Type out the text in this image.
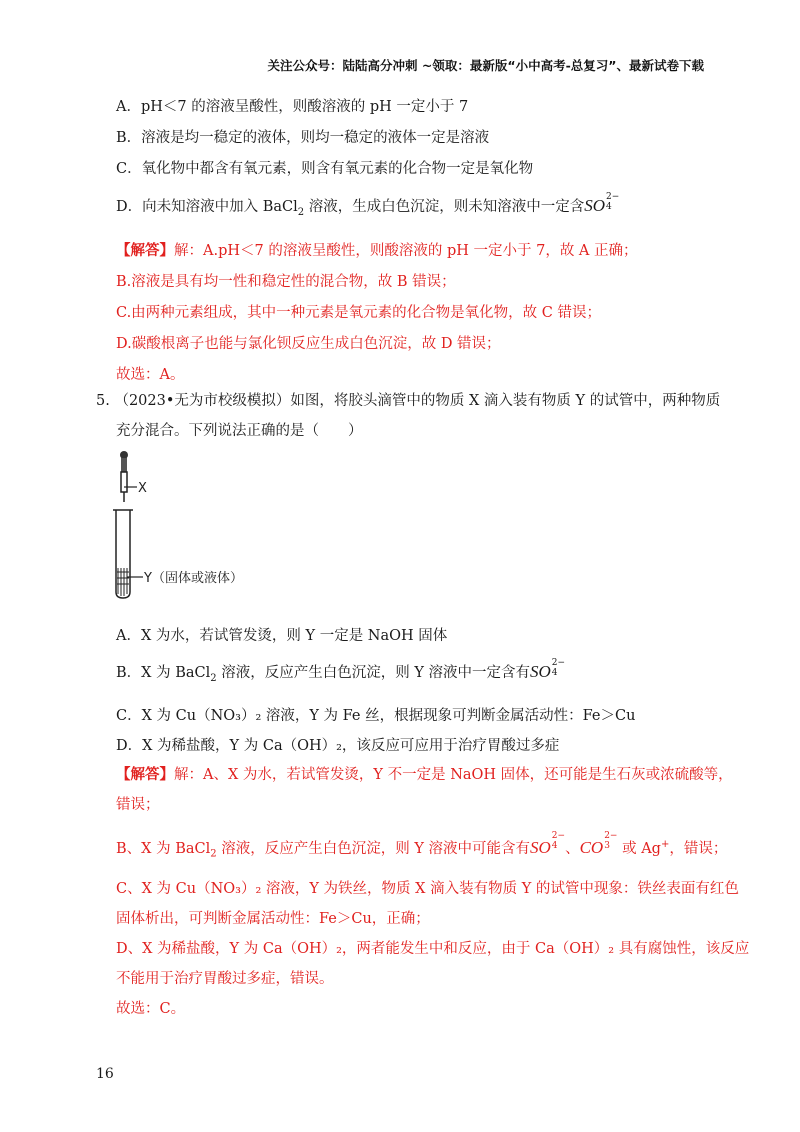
关注公众号：陆陆高分冲刺 ~领取：最新版“小中高考-总复习”、最新试卷下载
A．pH＜7 的溶液呈酸性，则酸溶液的 pH 一定小于 7
B．溶液是均一稳定的液体，则均一稳定的液体一定是溶液
C．氧化物中都含有氧元素，则含有氧元素的化合物一定是氧化物
D．向未知溶液中加入 BaCl$_2$ 溶液，生成白色沉淀，则未知溶液中一定含SO 2−
4
【解答】解：A.pH＜7 的溶液呈酸性，则酸溶液的 pH 一定小于 7，故 A 正确；
B.溶液是具有均一性和稳定性的混合物，故 B 错误；
C.由两种元素组成，其中一种元素是氧元素的化合物是氧化物，故 C 错误；
D.碳酸根离子也能与氯化钡反应生成白色沉淀，故 D 错误；
故选：A。
5. （2023•无为市校级模拟）如图，将胶头滴管中的物质 X 滴入装有物质 Y 的试管中，两种物质
充分混合。下列说法正确的是（　　）
X
Y（固体或液体）
A．X 为水，若试管发烫，则 Y 一定是 NaOH 固体
B．X 为 BaCl$_2$ 溶液，反应产生白色沉淀，则 Y 溶液中一定含有SO 2−
4
C．X 为 Cu（NO₃）₂ 溶液，Y 为 Fe 丝，根据现象可判断金属活动性：Fe＞Cu
D．X 为稀盐酸，Y 为 Ca（OH）₂，该反应可应用于治疗胃酸过多症
【解答】解：A、X 为水，若试管发烫，Y 不一定是 NaOH 固体，还可能是生石灰或浓硫酸等，
错误；
B、X 为 BaCl$_2$ 溶液，反应产生白色沉淀，则 Y 溶液中可能含有SO
2−
4 、CO
2−
3 或 Ag+，错误；
C、X 为 Cu（NO₃）₂ 溶液，Y 为铁丝，物质 X 滴入装有物质 Y 的试管中现象：铁丝表面有红色
固体析出，可判断金属活动性：Fe＞Cu，正确；
D、X 为稀盐酸，Y 为 Ca（OH）₂，两者能发生中和反应，由于 Ca（OH）₂ 具有腐蚀性，该反应
不能用于治疗胃酸过多症，错误。
故选：C。
16
